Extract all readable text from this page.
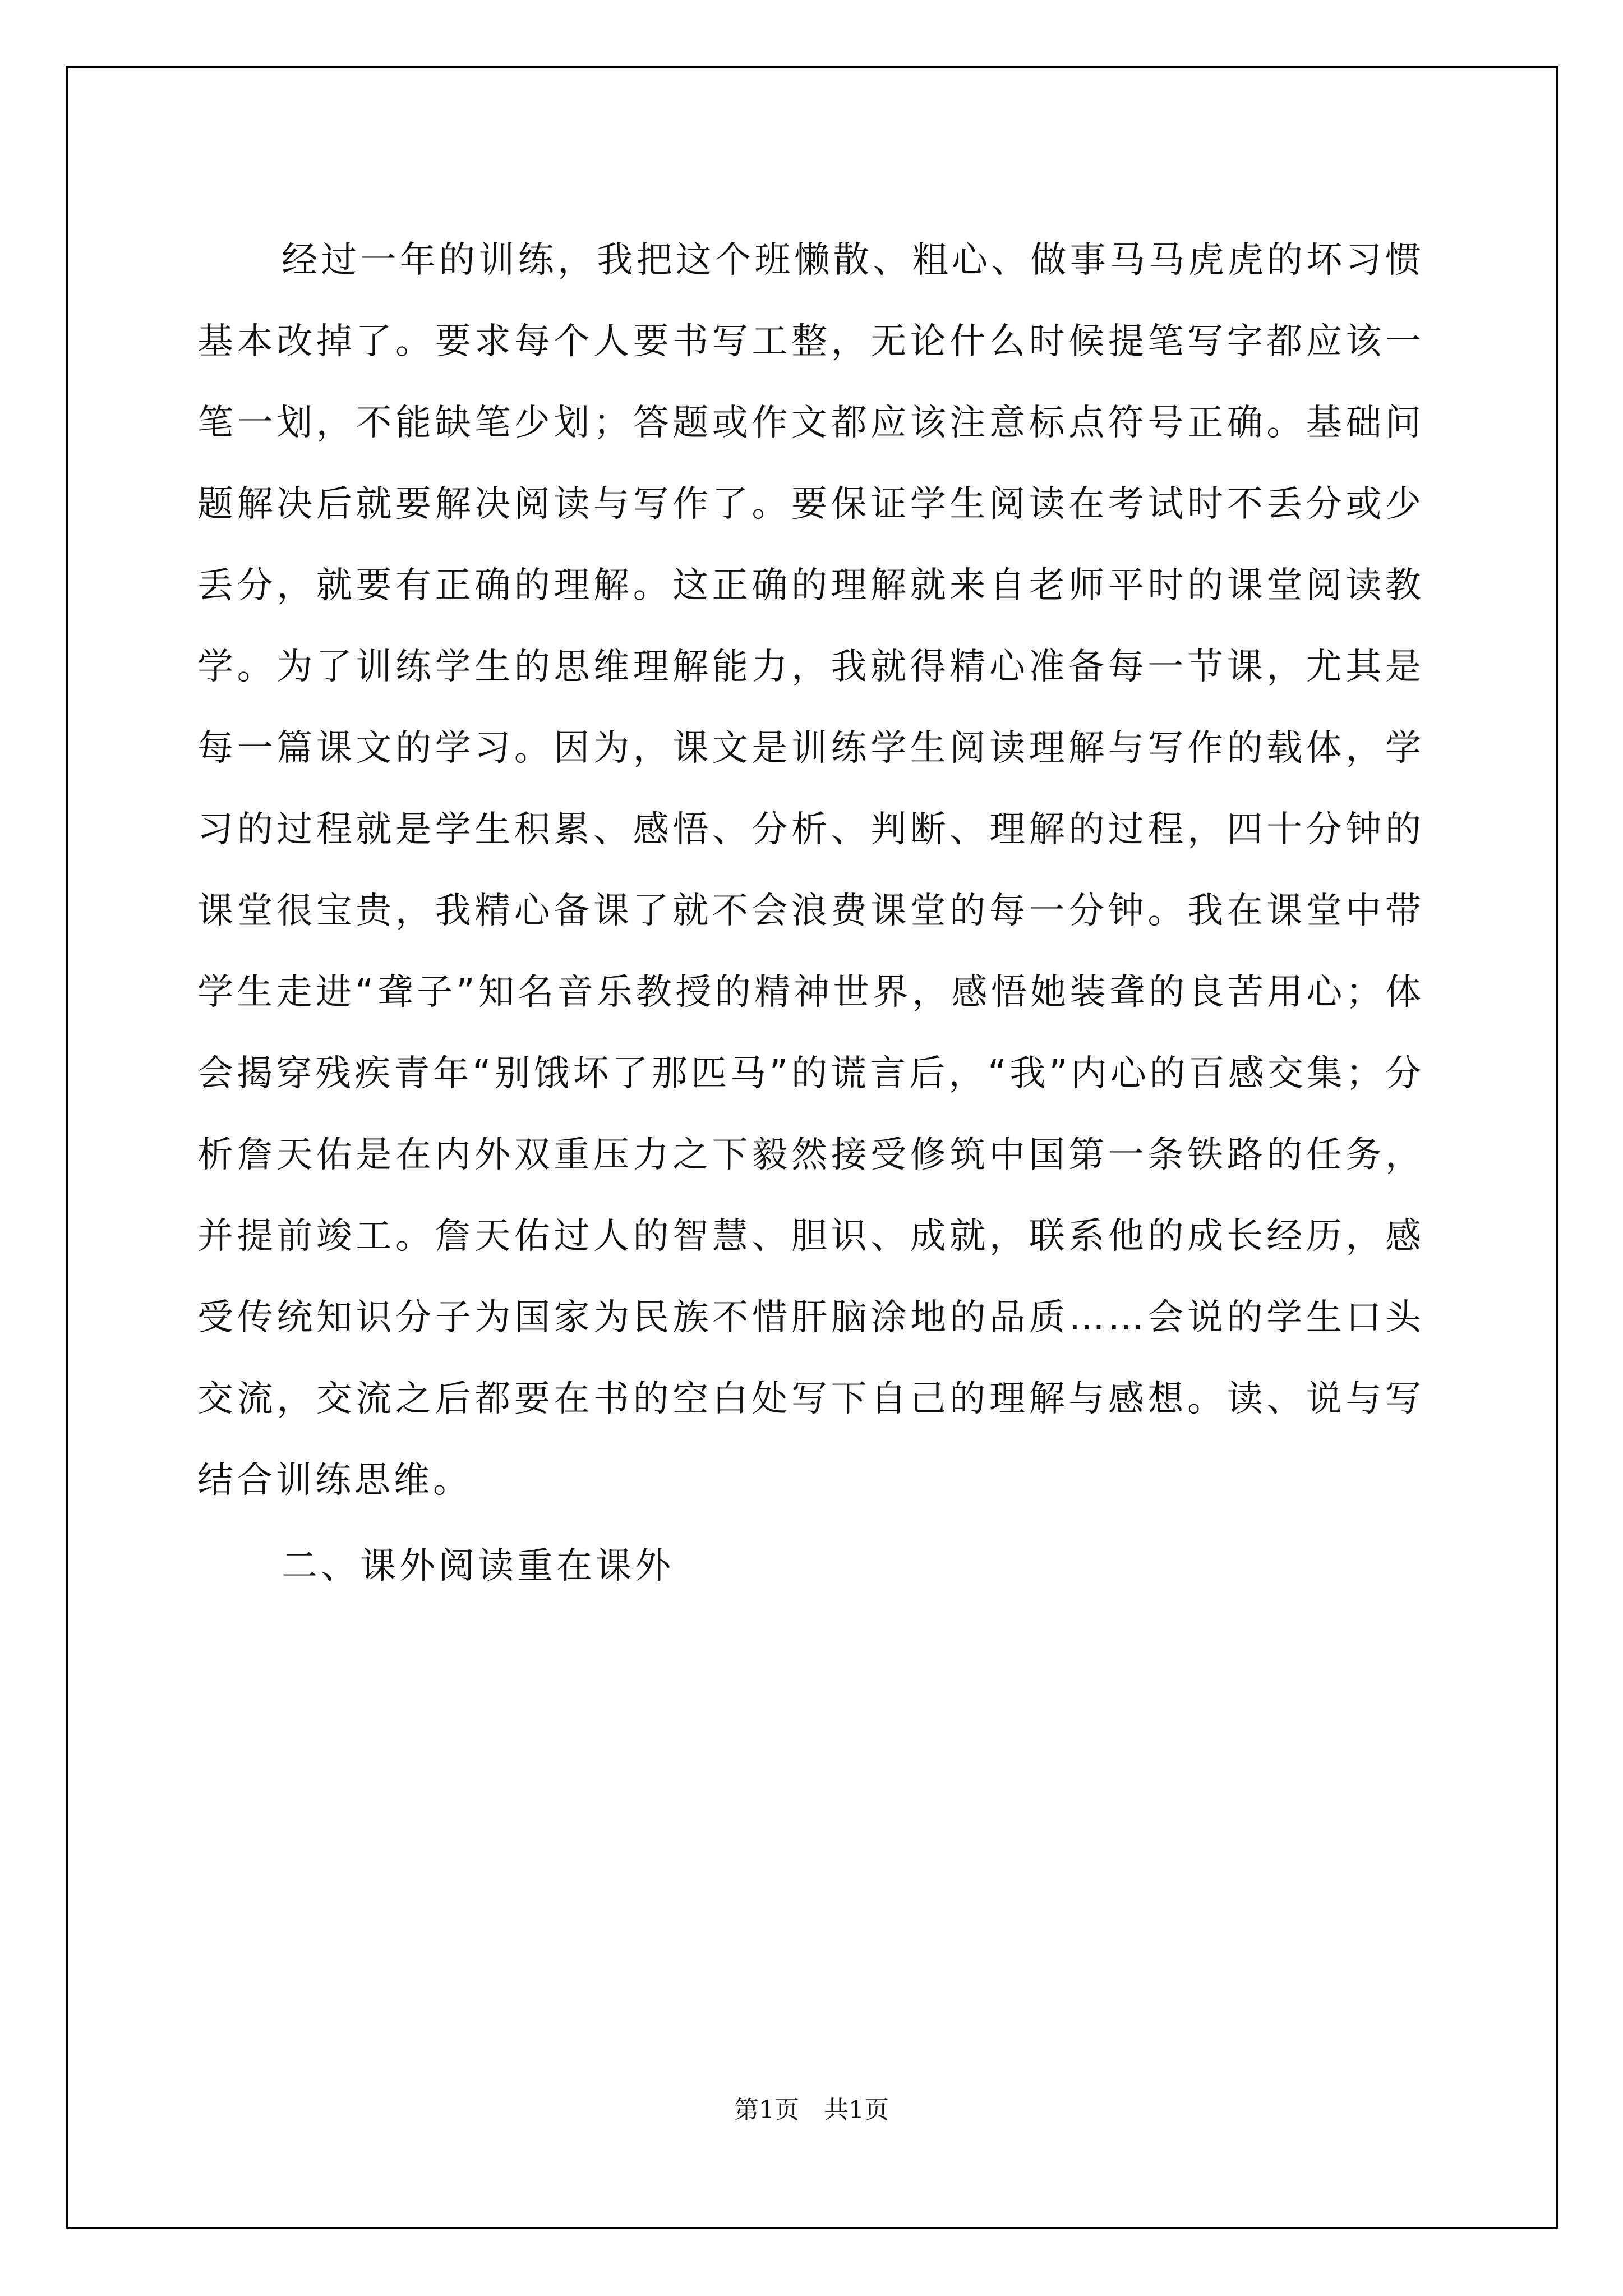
经过一年的训练，我把这个班懒散、粗心、做事马马虎虎的坏习惯基本改掉了。要求每个人要书写工整，无论什么时候提笔写字都应该一笔一划，不能缺笔少划；答题或作文都应该注意标点符号正确。基础问题解决后就要解决阅读与写作了。要保证学生阅读在考试时不丢分或少丢分，就要有正确的理解。这正确的理解就来自老师平时的课堂阅读教学。为了训练学生的思维理解能力，我就得精心准备每一节课，尤其是每一篇课文的学习。因为，课文是训练学生阅读理解与写作的载体，学习的过程就是学生积累、感悟、分析、判断、理解的过程，四十分钟的课堂很宝贵，我精心备课了就不会浪费课堂的每一分钟。我在课堂中带学生走进“聋子”知名音乐教授的精神世界，感悟她装聋的良苦用心；体会揭穿残疾青年“别饿坏了那匹马”的谎言后，“我”内心的百感交集；分析詹天佑是在内外双重压力之下毅然接受修筑中国第一条铁路的任务，并提前竣工。詹天佑过人的智慧、胆识、成就，联系他的成长经历，感受传统知识分子为国家为民族不惜肝脑涂地的品质……会说的学生口头交流，交流之后都要在书的空白处写下自己的理解与感想。读、说与写结合训练思维。

二、课外阅读重在课外

第1页　共1页
